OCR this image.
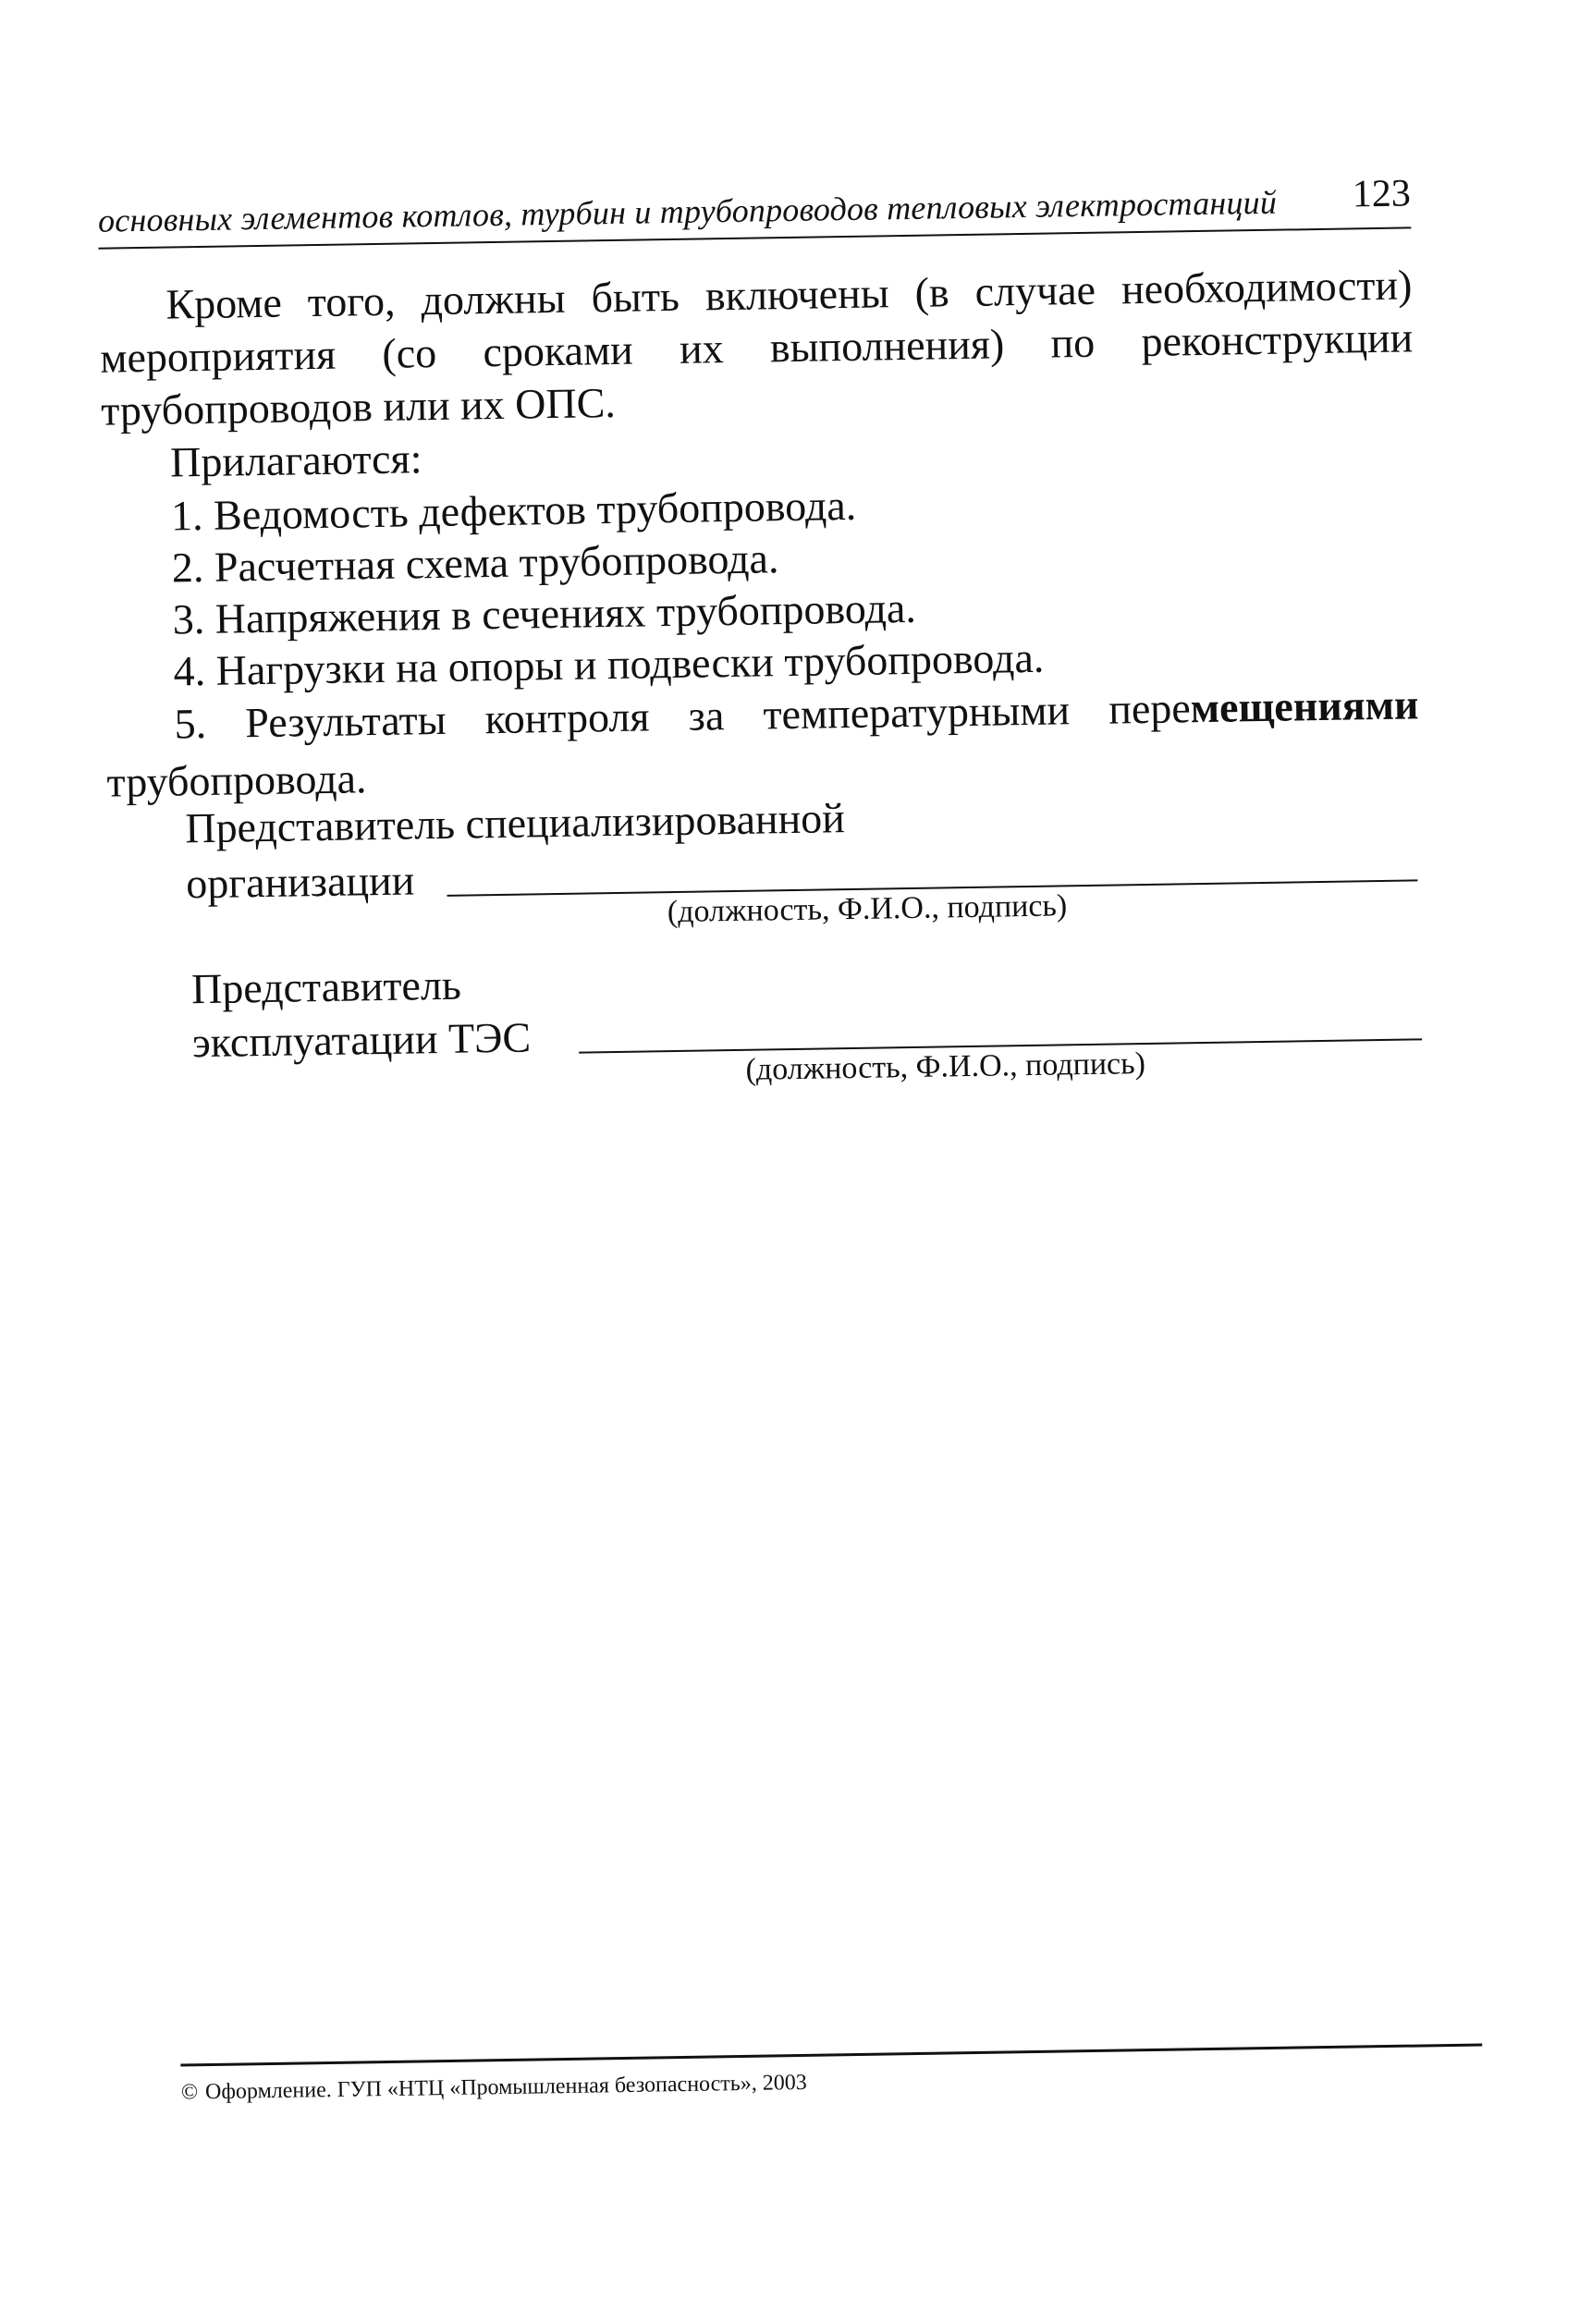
основных элементов котлов, турбин и трубопроводов тепловых электростанций 123
Кроме того, должны быть включены (в случае необходимости) мероприятия (со сроками их выполнения) по реконструкции трубопроводов или их ОПС.
Прилагаются:
1. Ведомость дефектов трубопровода.
2. Расчетная схема трубопровода.
3. Напряжения в сечениях трубопровода.
4. Нагрузки на опоры и подвески трубопровода.
5. Результаты контроля за температурными перемещениями трубопровода.
Представитель специализированной
организации
(должность, Ф.И.О., подпись)
Представитель
эксплуатации ТЭС
(должность, Ф.И.О., подпись)
© Оформление. ГУП «НТЦ «Промышленная безопасность», 2003
